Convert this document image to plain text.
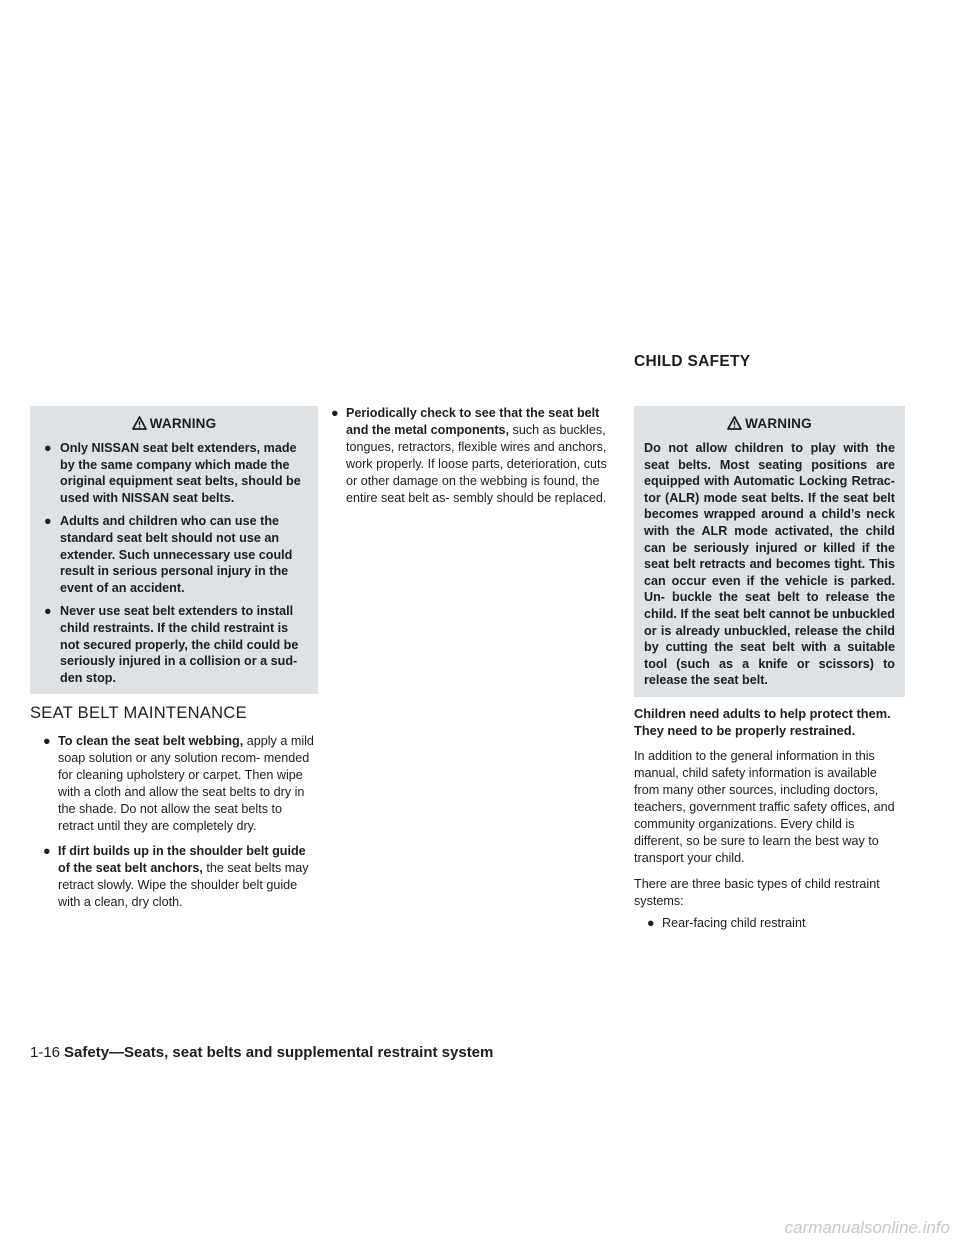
CHILD SAFETY
WARNING
● Only NISSAN seat belt extenders, made by the same company which made the original equipment seat belts, should be used with NISSAN seat belts.
● Adults and children who can use the standard seat belt should not use an extender. Such unnecessary use could result in serious personal injury in the event of an accident.
● Never use seat belt extenders to install child restraints. If the child restraint is not secured properly, the child could be seriously injured in a collision or a sud- den stop.
SEAT BELT MAINTENANCE
● To clean the seat belt webbing, apply a mild soap solution or any solution recom- mended for cleaning upholstery or carpet. Then wipe with a cloth and allow the seat belts to dry in the shade. Do not allow the seat belts to retract until they are completely dry.
● If dirt builds up in the shoulder belt guide of the seat belt anchors, the seat belts may retract slowly. Wipe the shoulder belt guide with a clean, dry cloth.
● Periodically check to see that the seat belt and the metal components, such as buckles, tongues, retractors, flexible wires and anchors, work properly. If loose parts, deterioration, cuts or other damage on the webbing is found, the entire seat belt as- sembly should be replaced.
WARNING

Do not allow children to play with the seat belts. Most seating positions are equipped with Automatic Locking Retrac- tor (ALR) mode seat belts. If the seat belt becomes wrapped around a child’s neck with the ALR mode activated, the child can be seriously injured or killed if the seat belt retracts and becomes tight. This can occur even if the vehicle is parked. Un- buckle the seat belt to release the child. If the seat belt cannot be unbuckled or is already unbuckled, release the child by cutting the seat belt with a suitable tool (such as a knife or scissors) to release the seat belt.

Children need adults to help protect them. They need to be properly restrained.

In addition to the general information in this manual, child safety information is available from many other sources, including doctors, teachers, government traffic safety offices, and community organizations. Every child is different, so be sure to learn the best way to transport your child.

There are three basic types of child restraint systems:

● Rear-facing child restraint
1-16 Safety—Seats, seat belts and supplemental restraint system
carmanualsonline.info
